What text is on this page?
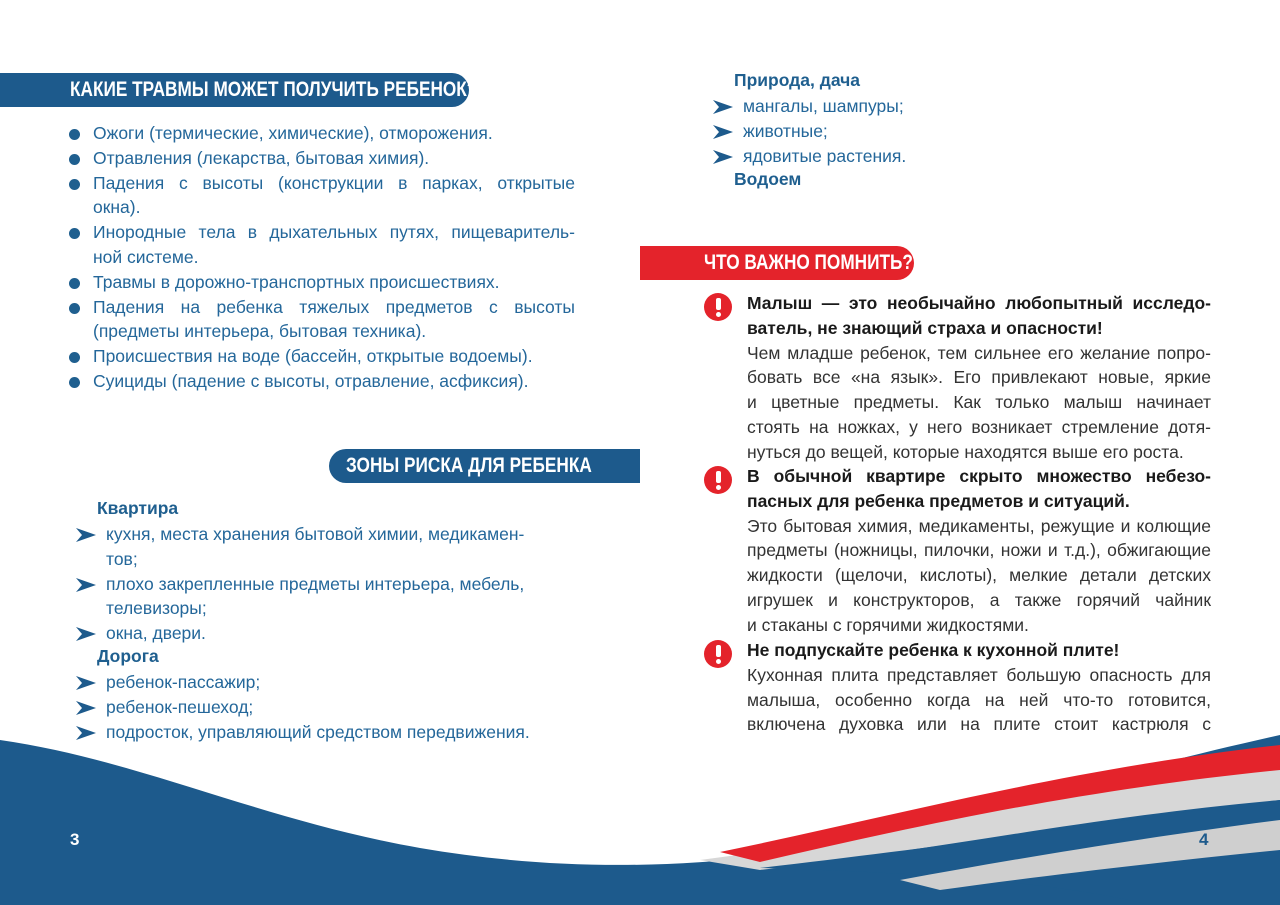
КАКИЕ ТРАВМЫ МОЖЕТ ПОЛУЧИТЬ РЕБЕНОК?
Ожоги (термические, химические), отморожения.
Отравления (лекарства, бытовая химия).
Падения с высоты (конструкции в парках, открытые
окна).
Инородные тела в дыхательных путях, пищеваритель-
ной системе.
Травмы в дорожно-транспортных происшествиях.
Падения на ребенка тяжелых предметов с высоты
(предметы интерьера, бытовая техника).
Происшествия на воде (бассейн, открытые водоемы).
Суициды (падение с высоты, отравление, асфиксия).
ЗОНЫ РИСКА ДЛЯ РЕБЕНКА
Квартира
кухня, места хранения бытовой химии, медикамен-
тов;
плохо закрепленные предметы интерьера, мебель,
телевизоры;
окна, двери.
Дорога
ребенок-пассажир;
ребенок-пешеход;
подросток, управляющий средством передвижения.
3
Природа, дача
мангалы, шампуры;
животные;
ядовитые растения.
Водоем
ЧТО ВАЖНО ПОМНИТЬ?
Малыш — это необычайно любопытный исследо-
ватель, не знающий страха и опасности!
Чем младше ребенок, тем сильнее его желание попро-
бовать все «на язык». Его привлекают новые, яркие
и цветные предметы. Как только малыш начинает
стоять на ножках, у него возникает стремление дотя-
нуться до вещей, которые находятся выше его роста.
В обычной квартире скрыто множество небезо-
пасных для ребенка предметов и ситуаций.
Это бытовая химия, медикаменты, режущие и колющие
предметы (ножницы, пилочки, ножи и т.д.), обжигающие
жидкости (щелочи, кислоты), мелкие детали детских
игрушек и конструкторов, а также горячий чайник
и стаканы с горячими жидкостями.
Не подпускайте ребенка к кухонной плите!
Кухонная плита представляет большую опасность для
малыша, особенно когда на ней что-то готовится,
включена духовка или на плите стоит кастрюля с
4
